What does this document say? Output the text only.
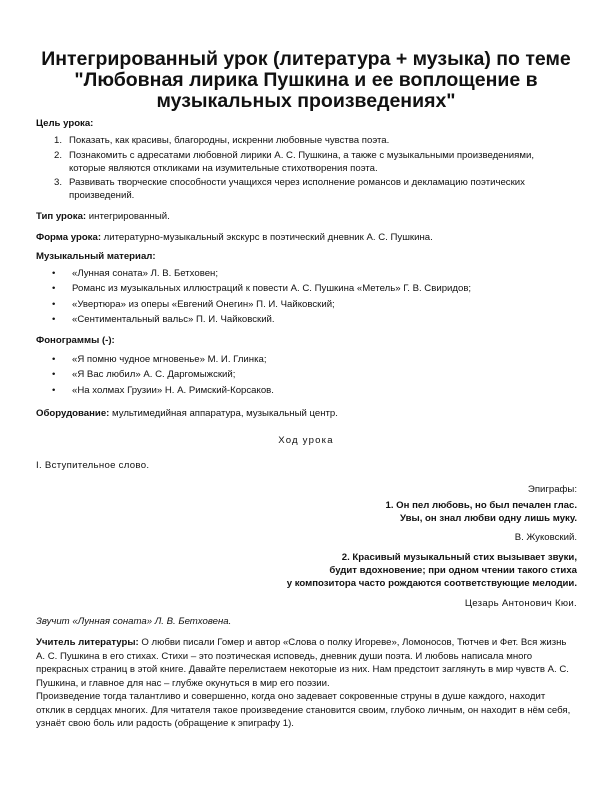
Интегрированный урок (литература + музыка) по теме "Любовная лирика Пушкина и ее воплощение в музыкальных произведениях"

Цель урока:

1. Показать, как красивы, благородны, искренни любовные чувства поэта.
2. Познакомить с адресатами любовной лирики А. С. Пушкина, а также с музыкальными произведениями, которые являются откликами на изумительные стихотворения поэта.
3. Развивать творческие способности учащихся через исполнение романсов и декламацию поэтических произведений.

Тип урока: интегрированный.

Форма урока: литературно-музыкальный экскурс в поэтический дневник А. С. Пушкина.

Музыкальный материал:

• «Лунная соната» Л. В. Бетховен;
• Романс из музыкальных иллюстраций к повести А. С. Пушкина «Метель» Г. В. Свиридов;
• «Увертюра» из оперы «Евгений Онегин» П. И. Чайковский;
• «Сентиментальный вальс» П. И. Чайковский.

Фонограммы (-):

• «Я помню чудное мгновенье» М. И. Глинка;
• «Я Вас любил» А. С. Даргомыжский;
• «На холмах Грузии» Н. А. Римский-Корсаков.

Оборудование: мультимедийная аппаратура, музыкальный центр.

Ход урока

I. Вступительное слово.

Эпиграфы:

1. Он пел любовь, но был печален глас.

Увы, он знал любви одну лишь муку.

В. Жуковский.

2. Красивый музыкальный стих вызывает звуки,

будит вдохновение; при одном чтении такого стиха

у композитора часто рождаются соответствующие мелодии.

Цезарь Антонович Кюи.

Звучит «Лунная соната» Л. В. Бетховена.

Учитель литературы: О любви писали Гомер и автор «Слова о полку Игореве», Ломоносов, Тютчев и Фет. Вся жизнь А. С. Пушкина в его стихах. Стихи – это поэтическая исповедь, дневник души поэта. И любовь написала много прекрасных страниц в этой книге. Давайте перелистаем некоторые из них. Нам предстоит заглянуть в мир чувств А. С. Пушкина, и главное для нас – глубже окунуться в мир его поэзии.

Произведение тогда талантливо и совершенно, когда оно задевает сокровенные струны в душе каждого, находит отклик в сердцах многих. Для читателя такое произведение становится своим, глубоко личным, он находит в нём себя, узнаёт свою боль или радость (обращение к эпиграфу 1).
